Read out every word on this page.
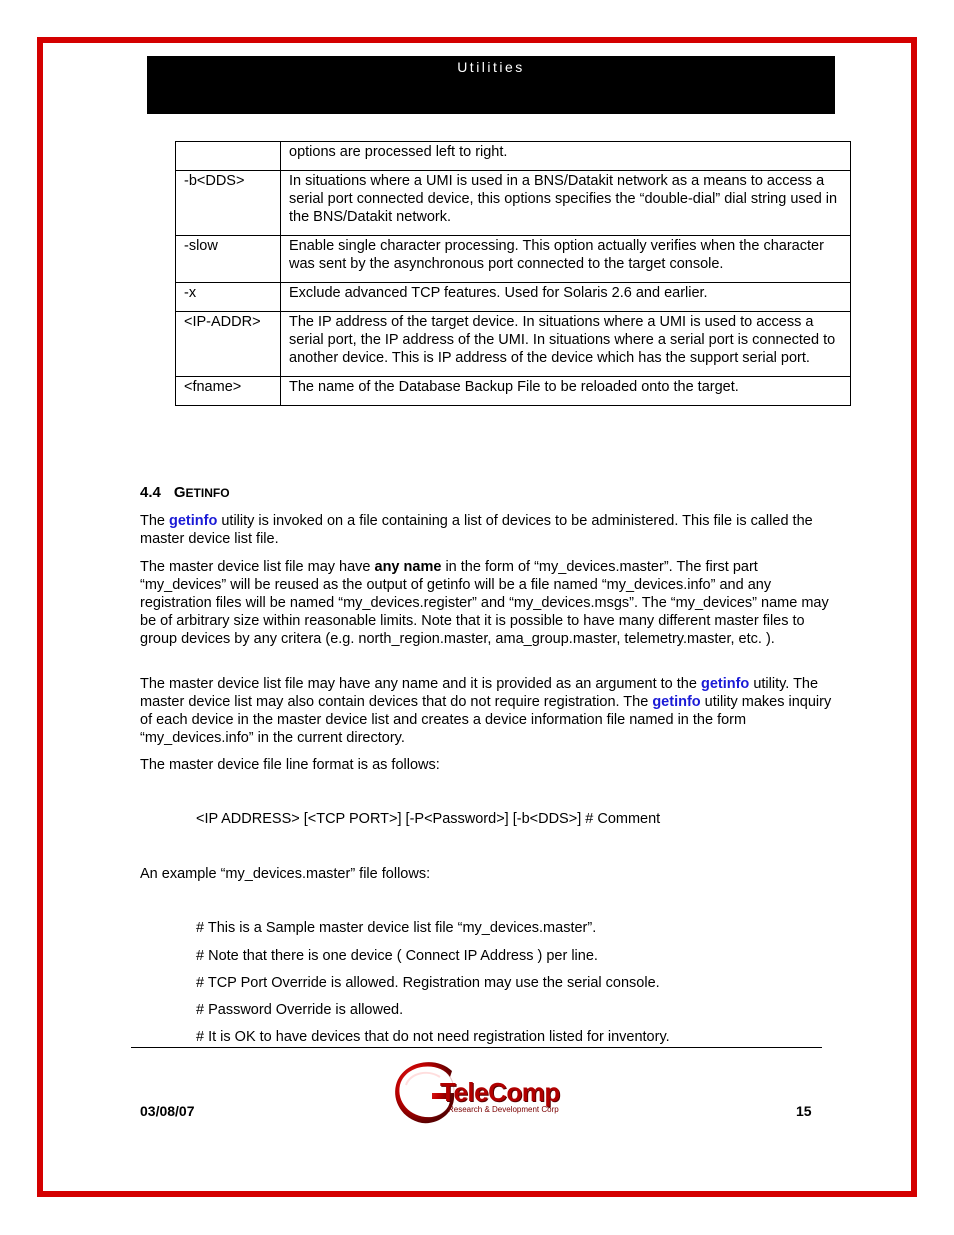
Utilities
	options are processed left to right.
-b<DDS>	In situations where a UMI is used in a BNS/Datakit network as a means to access a serial port connected device, this options specifies the “double-dial” dial string used in the BNS/Datakit network.
-slow	Enable single character processing. This option actually verifies when the character was sent by the asynchronous port connected to the target console.
-x	Exclude advanced TCP features. Used for Solaris 2.6 and earlier.
<IP-ADDR>	The IP address of the target device. In situations where a UMI is used to access a serial port, the IP address of the UMI. In situations where a serial port is connected to another device. This is IP address of the device which has the support serial port.
<fname>	The name of the Database Backup File to be reloaded onto the target.
4.4 GETINFO

The getinfo utility is invoked on a file containing a list of devices to be administered. This file is called the master device list file.

The master device list file may have any name in the form of “my_devices.master”. The first part “my_devices” will be reused as the output of getinfo will be a file named “my_devices.info” and any registration files will be named “my_devices.register” and “my_devices.msgs”. The “my_devices” name may be of arbitrary size within reasonable limits. Note that it is possible to have many different master files to group devices by any critera (e.g. north_region.master, ama_group.master, telemetry.master, etc. ).

The master device list file may have any name and it is provided as an argument to the getinfo utility. The master device list may also contain devices that do not require registration. The getinfo utility makes inquiry of each device in the master device list and creates a device information file named in the form “my_devices.info” in the current directory.

The master device file line format is as follows:

<IP ADDRESS> [<TCP PORT>] [-P<Password>] [-b<DDS>] # Comment

An example “my_devices.master” file follows:

# This is a Sample master device list file “my_devices.master”.

# Note that there is one device ( Connect IP Address ) per line.

# TCP Port Override is allowed. Registration may use the serial console.

# Password Override is allowed.

# It is OK to have devices that do not need registration listed for inventory.

03/08/07
TeleComp
Research & Development Corp	15
